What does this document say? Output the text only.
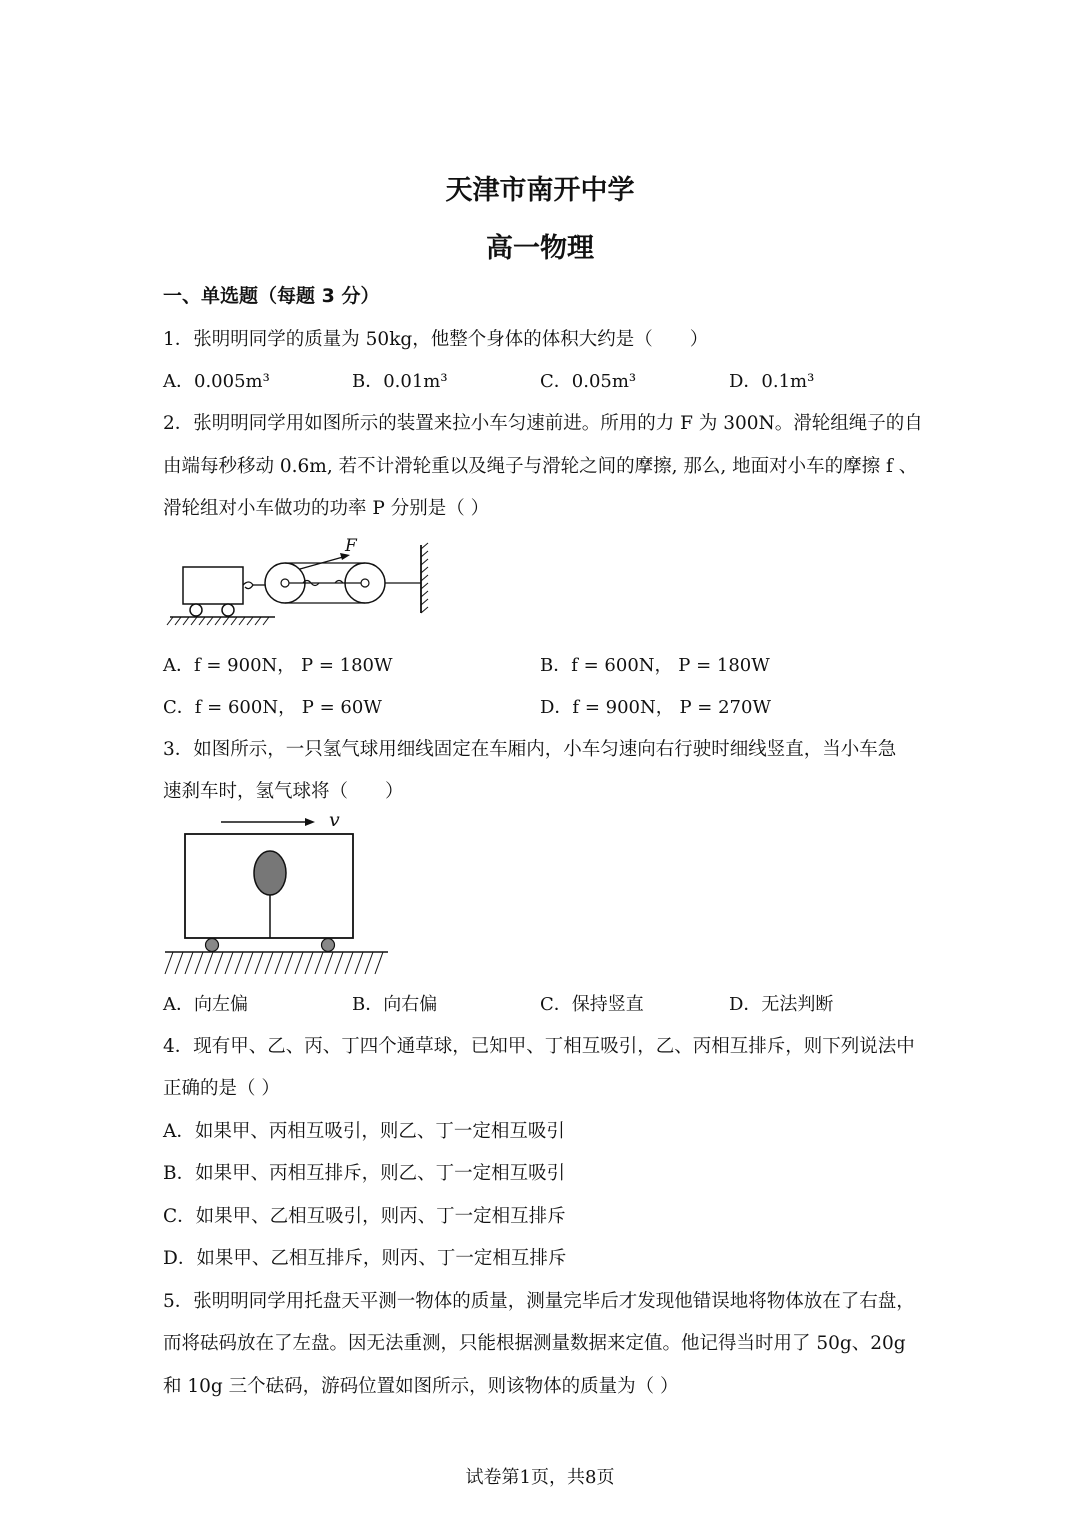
天津市南开中学
高一物理
一、单选题（每题 3 分）
1．张明明同学的质量为 50kg，他整个身体的体积大约是（　　）
A．0.005m³	B．0.01m³	C．0.05m³	D．0.1m³
2．张明明同学用如图所示的装置来拉小车匀速前进。所用的力 F 为 300N。滑轮组绳子的自
由端每秒移动 0.6m, 若不计滑轮重以及绳子与滑轮之间的摩擦, 那么, 地面对小车的摩擦 f 、
滑轮组对小车做功的功率 P 分别是（ ）
F
A．f = 900N， P = 180W	B．f = 600N， P = 180W
C．f = 600N， P = 60W	D．f = 900N， P = 270W
3．如图所示，一只氢气球用细线固定在车厢内，小车匀速向右行驶时细线竖直，当小车急
速刹车时，氢气球将（　　）
v
A．向左偏	B．向右偏	C．保持竖直	D．无法判断
4．现有甲、乙、丙、丁四个通草球，已知甲、丁相互吸引，乙、丙相互排斥，则下列说法中
正确的是（ ）
A．如果甲、丙相互吸引，则乙、丁一定相互吸引
B．如果甲、丙相互排斥，则乙、丁一定相互吸引
C．如果甲、乙相互吸引，则丙、丁一定相互排斥
D．如果甲、乙相互排斥，则丙、丁一定相互排斥
5．张明明同学用托盘天平测一物体的质量，测量完毕后才发现他错误地将物体放在了右盘，
而将砝码放在了左盘。因无法重测，只能根据测量数据来定值。他记得当时用了 50g、20g
和 10g 三个砝码，游码位置如图所示，则该物体的质量为（ ）
试卷第1页，共8页
